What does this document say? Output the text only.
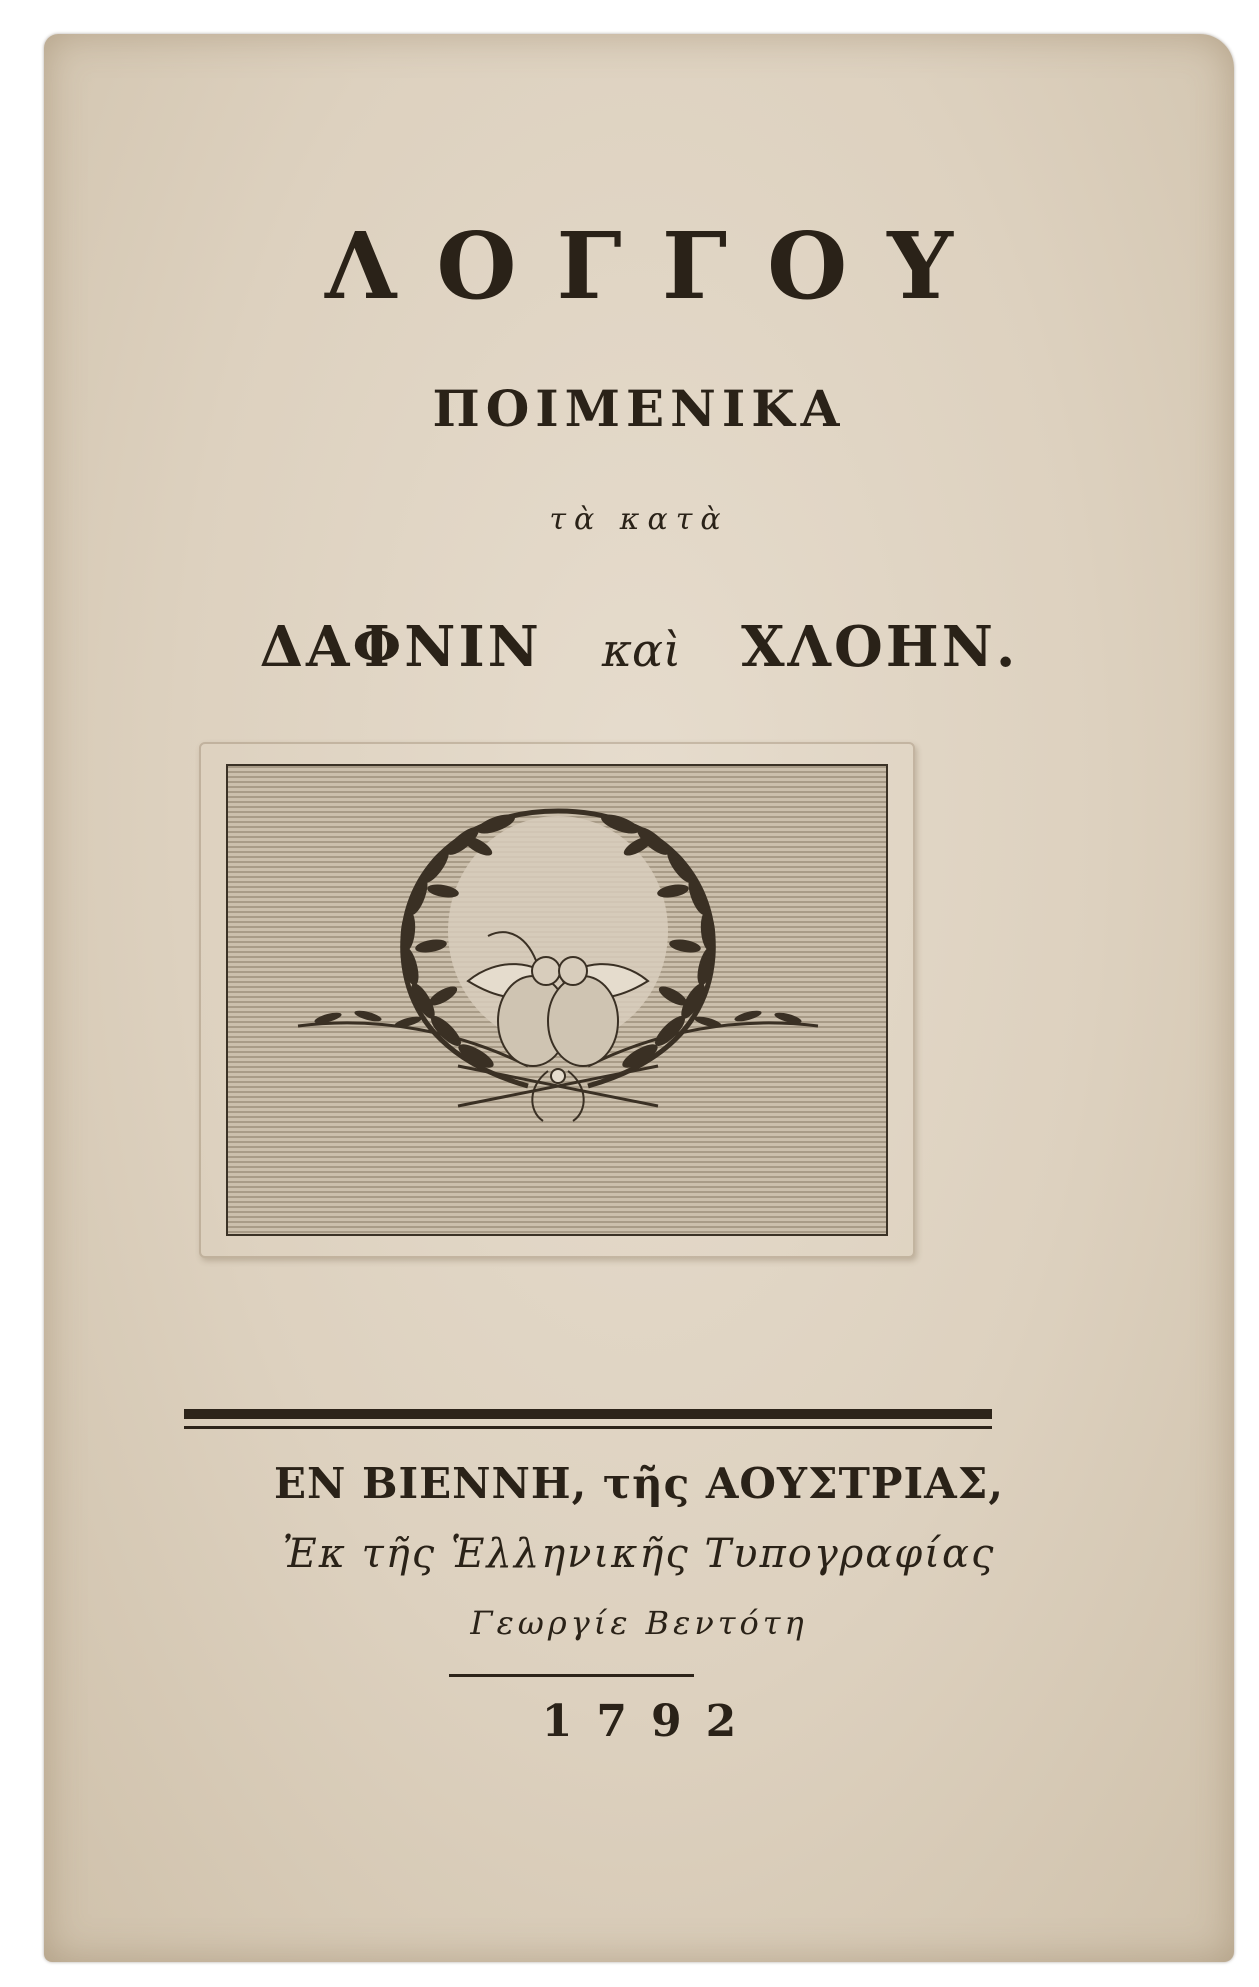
ΛΟΓΓΟΥ
ΠΟΙΜΕΝΙΚΑ
τὰ κατὰ
ΔΑΦΝΙΝ καὶ ΧΛΟΗΝ.
ΕΝ ΒΙΕΝΝΗ, τῆς ΑΟΥΣΤΡΙΑΣ,
Ἐκ τῆς Ἑλληνικῆς Τυπογραφίας
Γεωργίε Βεντότη
1792
